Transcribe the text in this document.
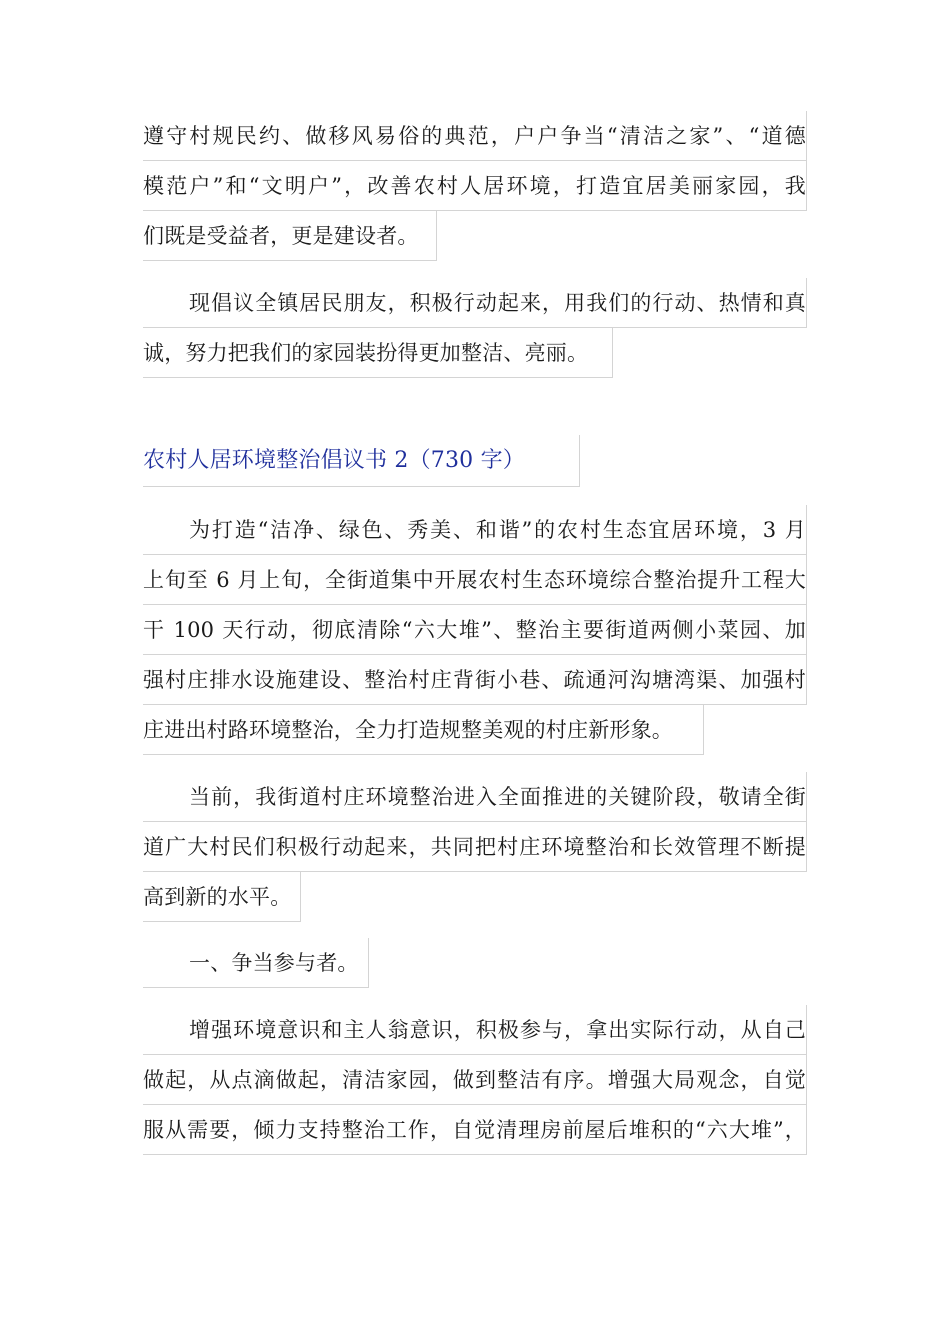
遵守村规民约、做移风易俗的典范，户户争当“清洁之家”、“道德
模范户”和“文明户”，改善农村人居环境，打造宜居美丽家园，我
们既是受益者，更是建设者。
现倡议全镇居民朋友，积极行动起来，用我们的行动、热情和真
诚，努力把我们的家园装扮得更加整洁、亮丽。
农村人居环境整治倡议书 2（730 字）
为打造“洁净、绿色、秀美、和谐”的农村生态宜居环境，3 月
上旬至 6 月上旬，全街道集中开展农村生态环境综合整治提升工程大
干 100 天行动，彻底清除“六大堆”、整治主要街道两侧小菜园、加
强村庄排水设施建设、整治村庄背街小巷、疏通河沟塘湾渠、加强村
庄进出村路环境整治，全力打造规整美观的村庄新形象。
当前，我街道村庄环境整治进入全面推进的关键阶段，敬请全街
道广大村民们积极行动起来，共同把村庄环境整治和长效管理不断提
高到新的水平。
一、争当参与者。
增强环境意识和主人翁意识，积极参与，拿出实际行动，从自己
做起，从点滴做起，清洁家园，做到整洁有序。增强大局观念，自觉
服从需要，倾力支持整治工作，自觉清理房前屋后堆积的“六大堆”，
